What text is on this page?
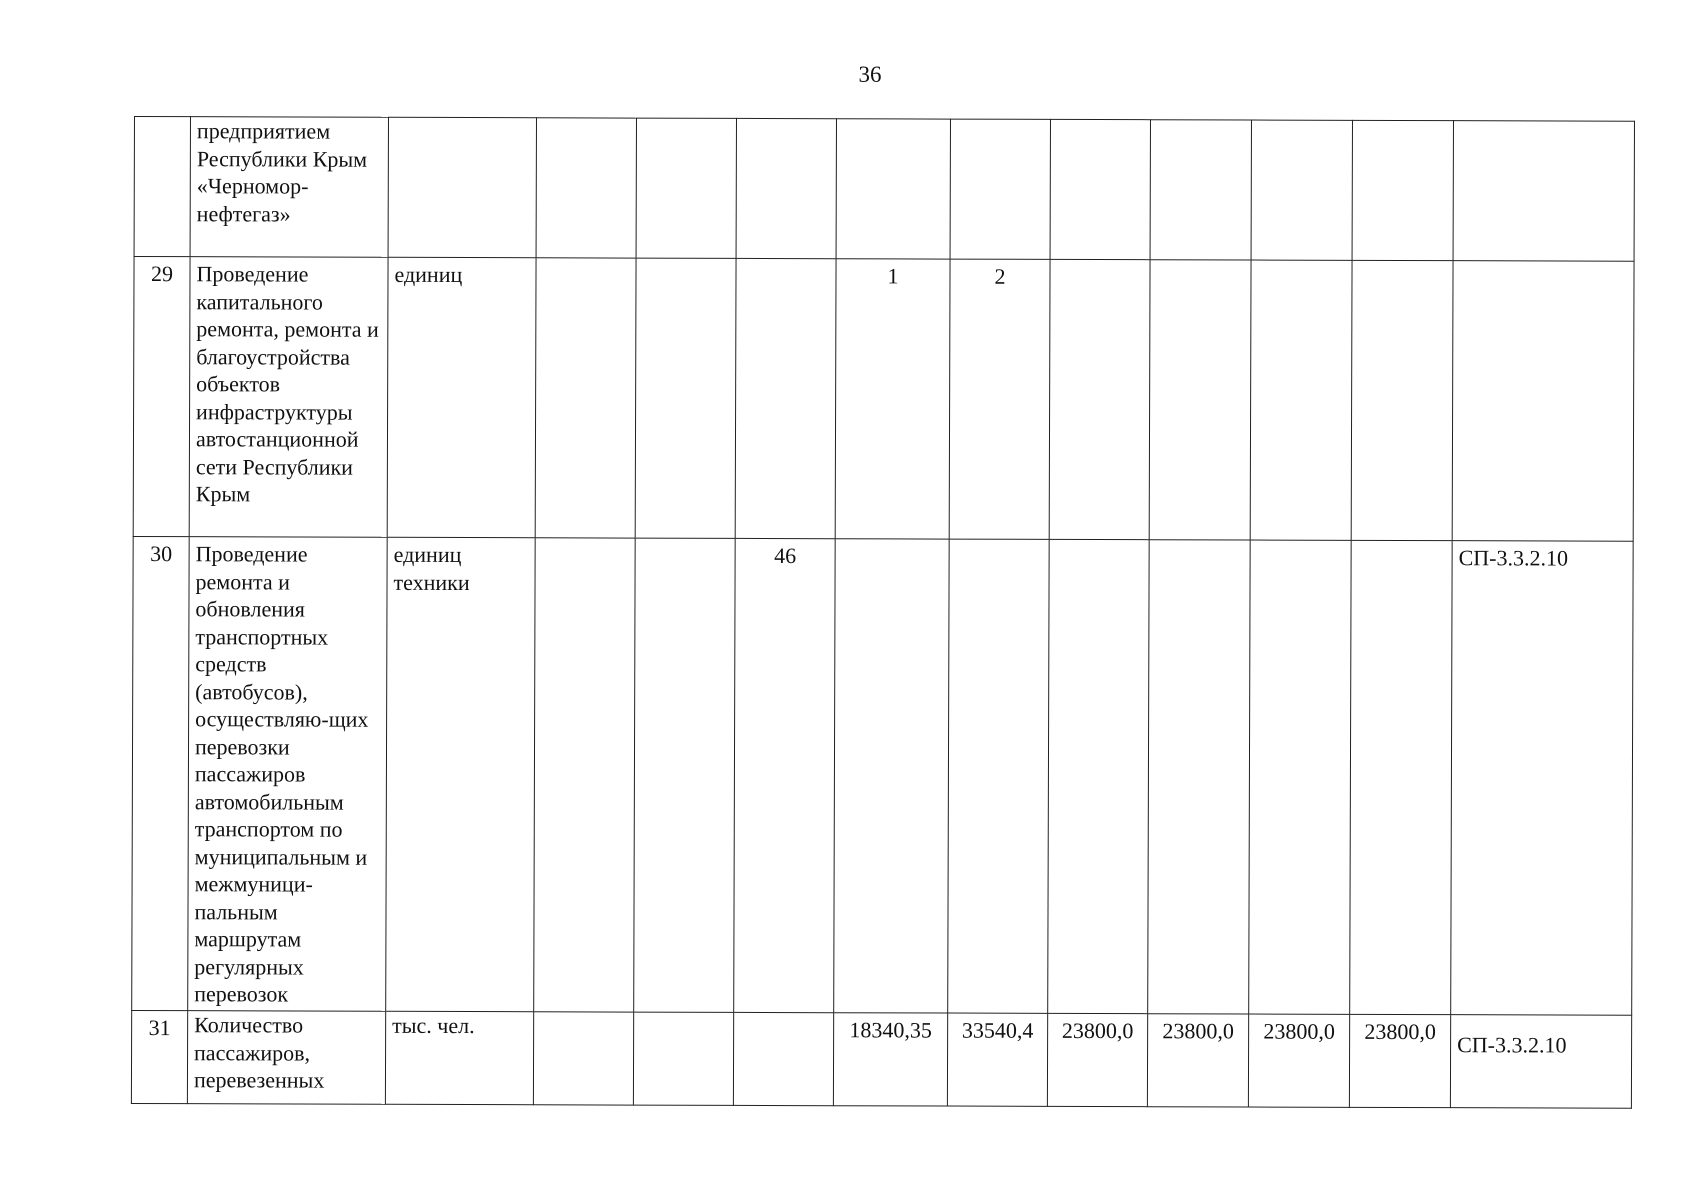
36
	предприятием Республики Крым «Черномор-нефтегаз»											
29	Проведение капитального ремонта, ремонта и благоустройства объектов инфраструктуры автостанционной сети Республики Крым	единиц				1	2					
30	Проведение ремонта и обновления транспортных средств (автобусов), осуществляю-щих перевозки пассажиров автомобильным транспортом по муниципальным и межмуници-пальным маршрутам регулярных перевозок	единиц техники			46							СП-3.3.2.10
31	Количество пассажиров, перевезенных	тыс. чел.				18340,35	33540,4	23800,0	23800,0	23800,0	23800,0	СП-3.3.2.10
